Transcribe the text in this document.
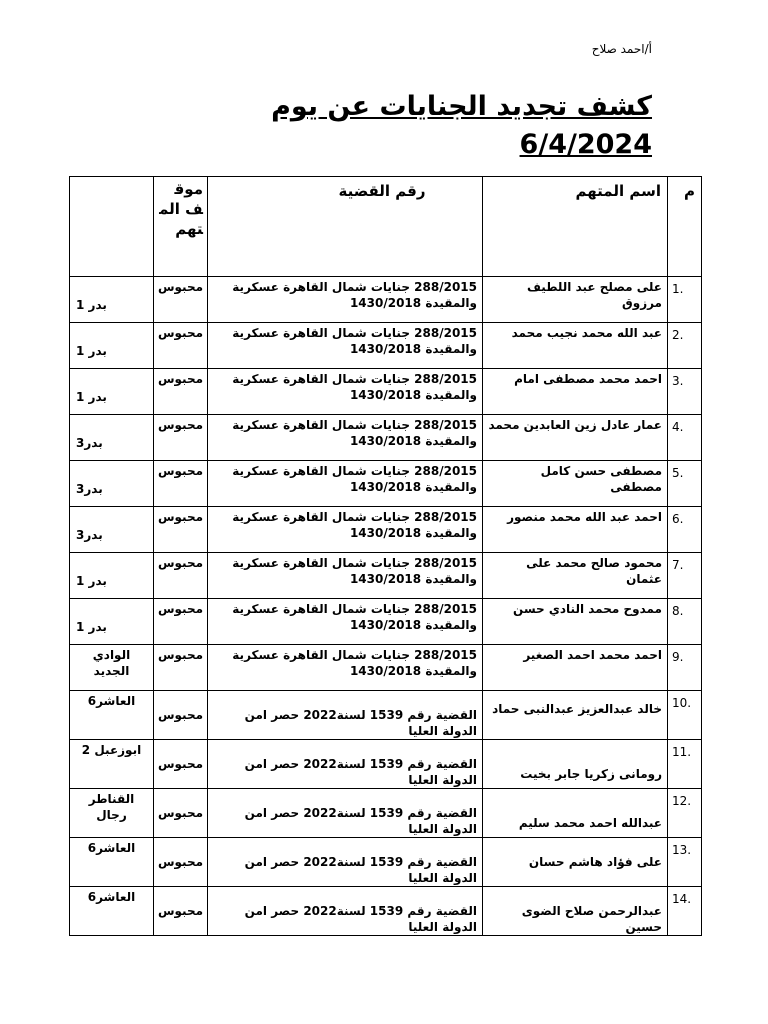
أ/احمد صلاح
كشف تجديد الجنايات عن يوم
6/4/2024
م	اسم المتهم	رقم القضية	موقف المتهم	

1.	على مصلح عبد اللطيف مرزوق	288/2015 جنايات شمال القاهرة عسكرية والمقيدة 1430/2018	محبوس	بدر 1

2.	عبد الله محمد نجيب محمد	288/2015 جنايات شمال القاهرة عسكرية والمقيدة 1430/2018	محبوس	بدر 1

3.	احمد محمد مصطفى امام	288/2015 جنايات شمال القاهرة عسكرية والمقيدة 1430/2018	محبوس	بدر 1

4.	عمار عادل زين العابدين محمد	288/2015 جنايات شمال القاهرة عسكرية والمقيدة 1430/2018	محبوس	بدر3

5.	مصطفى حسن كامل مصطفى	288/2015 جنايات شمال القاهرة عسكرية والمقيدة 1430/2018	محبوس	بدر3

6.	احمد عبد الله محمد منصور	288/2015 جنايات شمال القاهرة عسكرية والمقيدة 1430/2018	محبوس	بدر3

7.	محمود صالح محمد على عثمان	288/2015 جنايات شمال القاهرة عسكرية والمقيدة 1430/2018	محبوس	بدر 1

8.	ممدوح محمد النادي حسن	288/2015 جنايات شمال القاهرة عسكرية والمقيدة 1430/2018	محبوس	بدر 1

9.	احمد محمد احمد الصغير	288/2015 جنايات شمال القاهرة عسكرية والمقيدة 1430/2018	محبوس	الوادي الجديد

10.	خالد عبدالعزيز عبدالنبى حماد	القضية رقم 1539 لسنة2022 حصر امن الدولة العليا	محبوس	العاشر6

11.	رومانى زكريا جابر بخيت	القضية رقم 1539 لسنة2022 حصر امن الدولة العليا	محبوس	ابوزعبل 2

12.	عبدالله احمد محمد سليم	القضية رقم 1539 لسنة2022 حصر امن الدولة العليا	محبوس	القناطر رجال

13.	على فؤاد هاشم حسان	القضية رقم 1539 لسنة2022 حصر امن الدولة العليا	محبوس	العاشر6

14.	عبدالرحمن صلاح الضوى حسين	القضية رقم 1539 لسنة2022 حصر امن الدولة العليا	محبوس	العاشر6
